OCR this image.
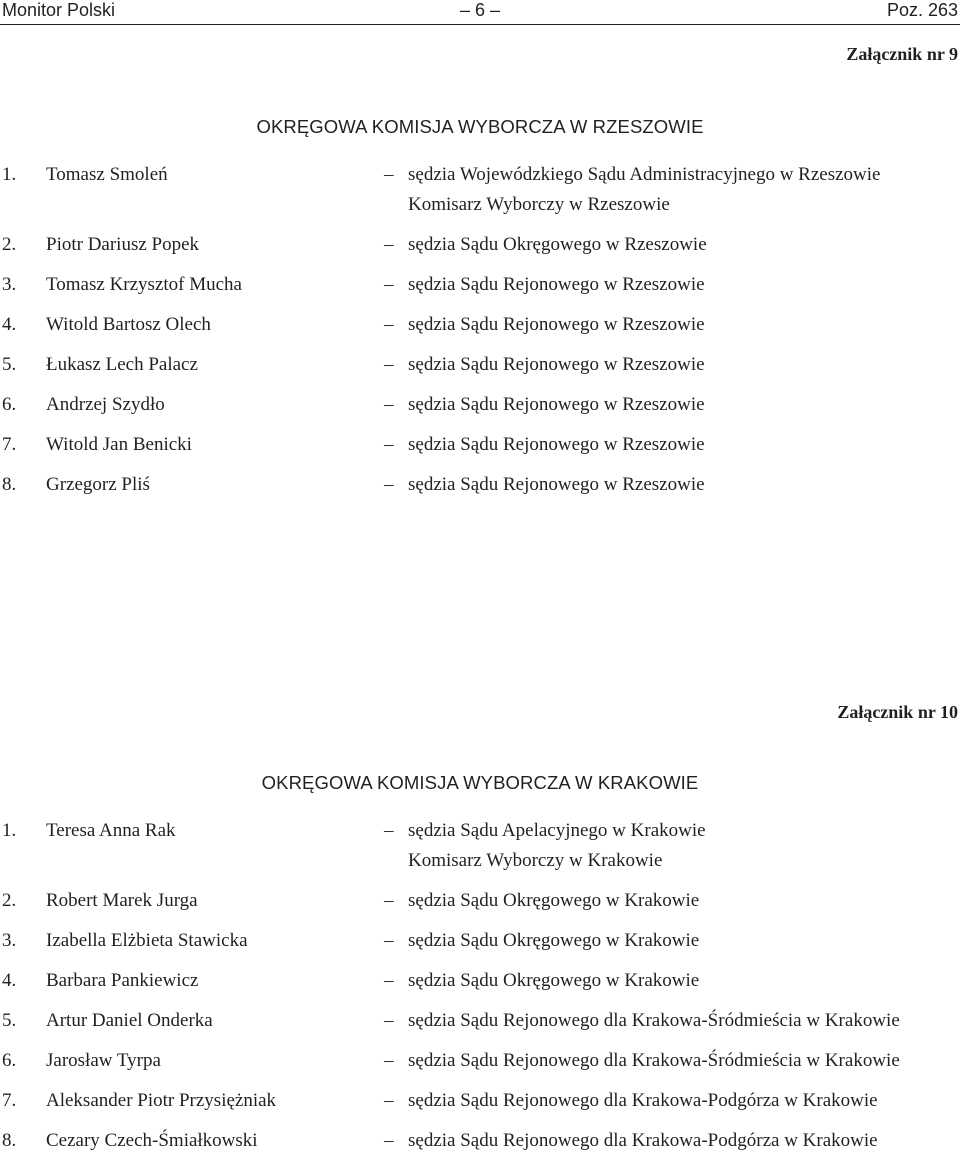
Monitor Polski	– 6 –	Poz. 263
Załącznik nr 9
OKRĘGOWA KOMISJA WYBORCZA W RZESZOWIE
1. Tomasz Smoleń	– sędzia Wojewódzkiego Sądu Administracyjnego w Rzeszowie
Komisarz Wyborczy w Rzeszowie
2. Piotr Dariusz Popek	– sędzia Sądu Okręgowego w Rzeszowie
3. Tomasz Krzysztof Mucha	– sędzia Sądu Rejonowego w Rzeszowie
4. Witold Bartosz Olech	– sędzia Sądu Rejonowego w Rzeszowie
5. Łukasz Lech Palacz	– sędzia Sądu Rejonowego w Rzeszowie
6. Andrzej Szydło	– sędzia Sądu Rejonowego w Rzeszowie
7. Witold Jan Benicki	– sędzia Sądu Rejonowego w Rzeszowie
8. Grzegorz Pliś	– sędzia Sądu Rejonowego w Rzeszowie
Załącznik nr 10
OKRĘGOWA KOMISJA WYBORCZA W KRAKOWIE
1. Teresa Anna Rak	– sędzia Sądu Apelacyjnego w Krakowie
Komisarz Wyborczy w Krakowie
2. Robert Marek Jurga	– sędzia Sądu Okręgowego w Krakowie
3. Izabella Elżbieta Stawicka	– sędzia Sądu Okręgowego w Krakowie
4. Barbara Pankiewicz	– sędzia Sądu Okręgowego w Krakowie
5. Artur Daniel Onderka	– sędzia Sądu Rejonowego dla Krakowa-Śródmieścia w Krakowie
6. Jarosław Tyrpa	– sędzia Sądu Rejonowego dla Krakowa-Śródmieścia w Krakowie
7. Aleksander Piotr Przysiężniak	– sędzia Sądu Rejonowego dla Krakowa-Podgórza w Krakowie
8. Cezary Czech-Śmiałkowski	– sędzia Sądu Rejonowego dla Krakowa-Podgórza w Krakowie
